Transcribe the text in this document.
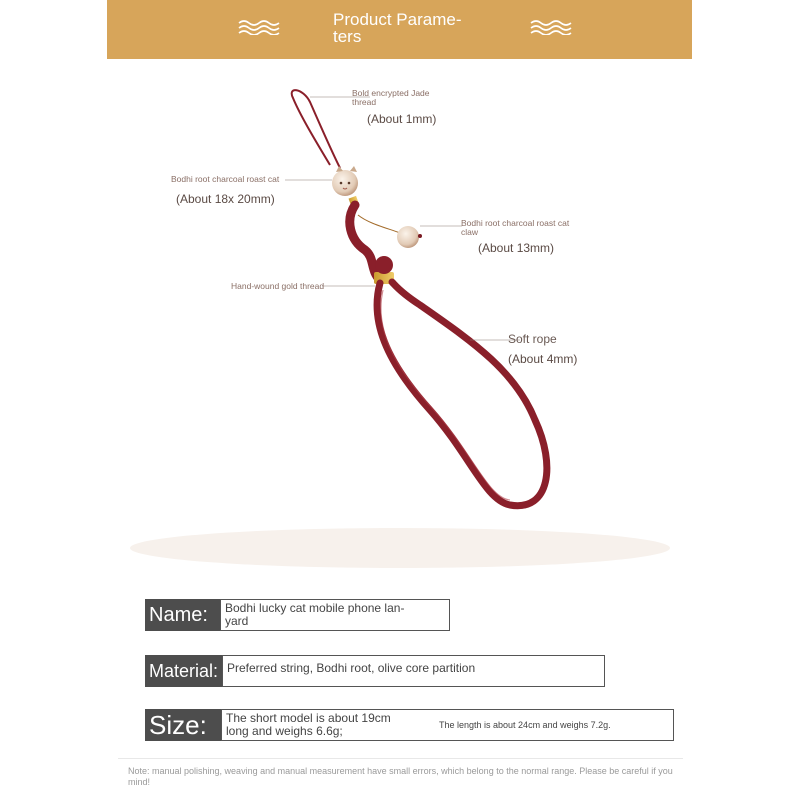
Product Parame-
ters
Bold encrypted Jade thread
(About 1mm)
Bodhi root charcoal roast cat
(About 18x 20mm)
Bodhi root charcoal roast cat claw
(About 13mm)
Hand-wound gold thread
Soft rope
(About 4mm)
Name:	Bodhi lucky cat mobile phone lan-
yard
Material: Preferred string, Bodhi root, olive core partition
Size:	The short model is about 19cm
long and weighs 6.6g;	The length is about 24cm and weighs 7.2g.
Note: manual polishing, weaving and manual measurement have small errors, which belong to the normal range. Please be careful if you mind!
